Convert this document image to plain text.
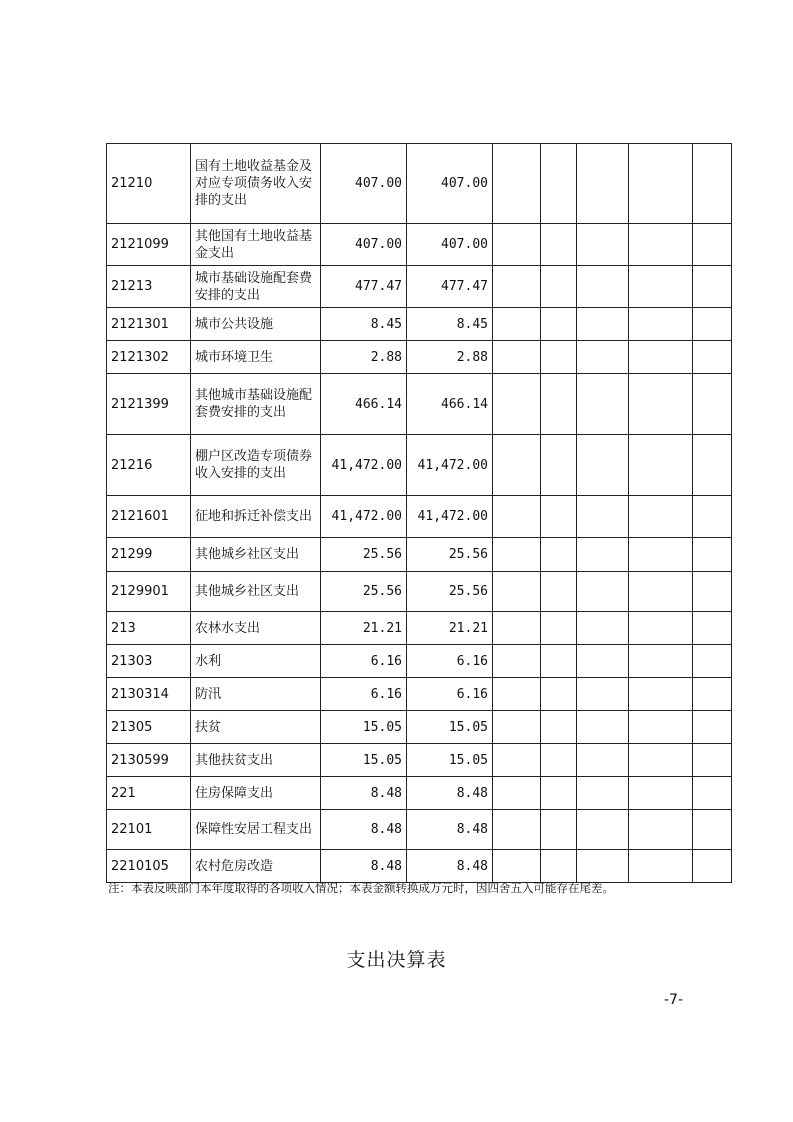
21210	国有土地收益基金及对应专项债务收入安排的支出	407.00	407.00					
2121099	其他国有土地收益基金支出	407.00	407.00					
21213	城市基础设施配套费安排的支出	477.47	477.47					
2121301	城市公共设施	8.45	8.45					
2121302	城市环境卫生	2.88	2.88					
2121399	其他城市基础设施配套费安排的支出	466.14	466.14					
21216	棚户区改造专项债券收入安排的支出	41,472.00	41,472.00					
2121601	征地和拆迁补偿支出	41,472.00	41,472.00					
21299	其他城乡社区支出	25.56	25.56					
2129901	其他城乡社区支出	25.56	25.56					
213	农林水支出	21.21	21.21					
21303	水利	6.16	6.16					
2130314	防汛	6.16	6.16					
21305	扶贫	15.05	15.05					
2130599	其他扶贫支出	15.05	15.05					
221	住房保障支出	8.48	8.48					
22101	保障性安居工程支出	8.48	8.48					
2210105	农村危房改造	8.48	8.48					
注：本表反映部门本年度取得的各项收入情况；本表金额转换成万元时，因四舍五入可能存在尾差。
支出决算表
-7-
